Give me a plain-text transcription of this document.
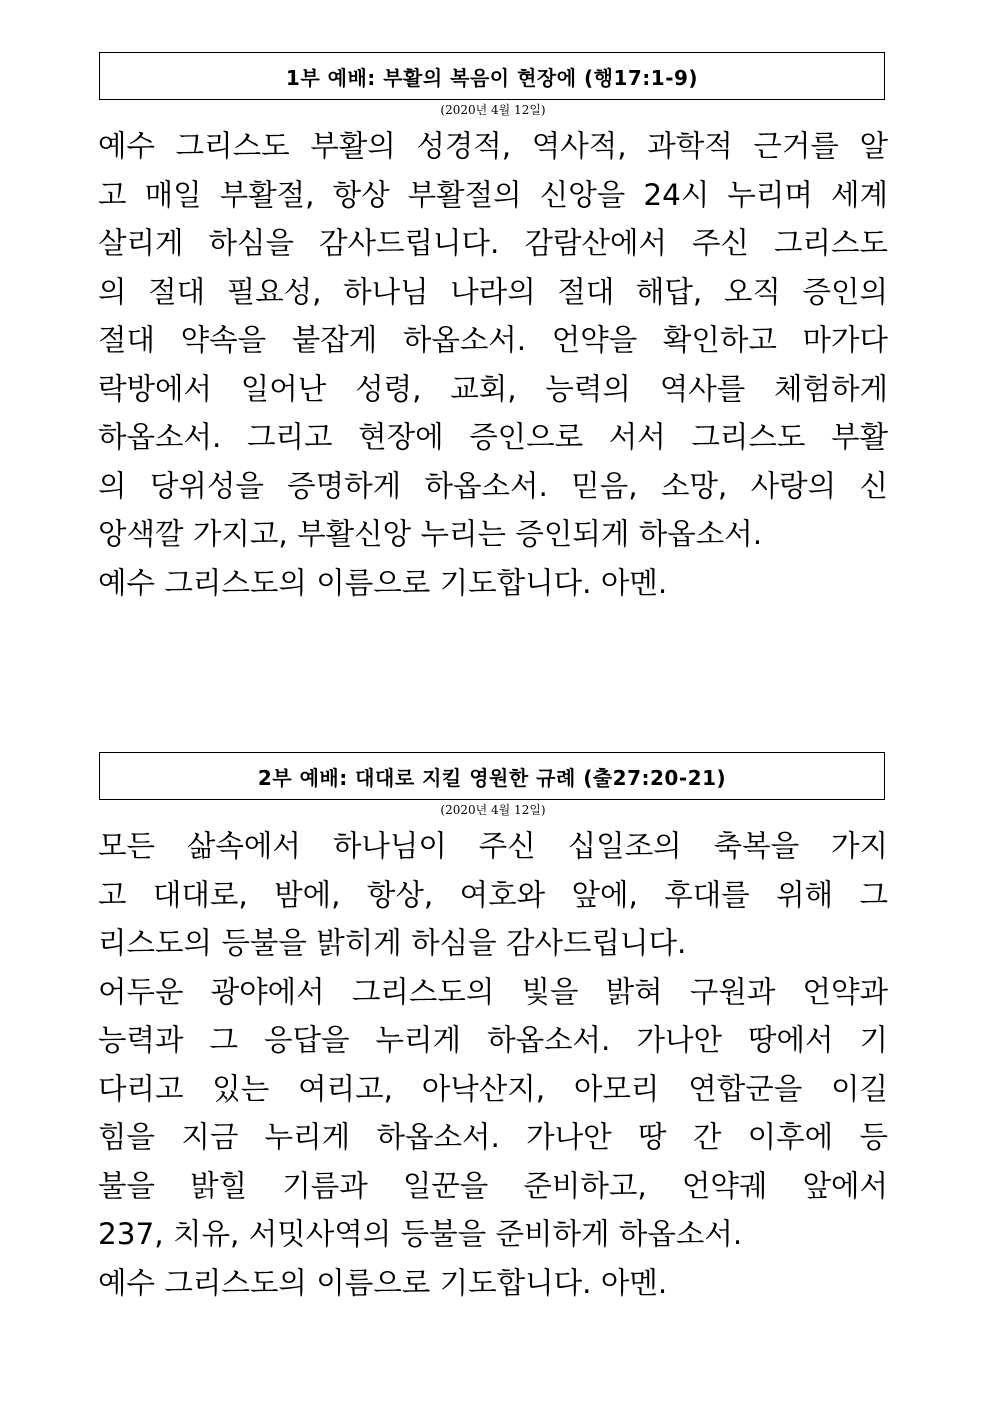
1부 예배: 부활의 복음이 현장에 (행17:1-9)
(2020년 4월 12일)
예수 그리스도 부활의 성경적, 역사적, 과학적 근거를 알
고 매일 부활절, 항상 부활절의 신앙을 24시 누리며 세계
살리게 하심을 감사드립니다. 감람산에서 주신 그리스도
의 절대 필요성, 하나님 나라의 절대 해답, 오직 증인의
절대 약속을 붙잡게 하옵소서. 언약을 확인하고 마가다
락방에서 일어난 성령, 교회, 능력의 역사를 체험하게
하옵소서. 그리고 현장에 증인으로 서서 그리스도 부활
의 당위성을 증명하게 하옵소서. 믿음, 소망, 사랑의 신
앙색깔 가지고, 부활신앙 누리는 증인되게 하옵소서.
예수 그리스도의 이름으로 기도합니다. 아멘.
2부 예배: 대대로 지킬 영원한 규례 (출27:20-21)
(2020년 4월 12일)
모든 삶속에서 하나님이 주신 십일조의 축복을 가지
고 대대로, 밤에, 항상, 여호와 앞에, 후대를 위해 그
리스도의 등불을 밝히게 하심을 감사드립니다.
어두운 광야에서 그리스도의 빛을 밝혀 구원과 언약과
능력과 그 응답을 누리게 하옵소서. 가나안 땅에서 기
다리고 있는 여리고, 아낙산지, 아모리 연합군을 이길
힘을 지금 누리게 하옵소서. 가나안 땅 간 이후에 등
불을 밝힐 기름과 일꾼을 준비하고, 언약궤 앞에서
237, 치유, 서밋사역의 등불을 준비하게 하옵소서.
예수 그리스도의 이름으로 기도합니다. 아멘.
